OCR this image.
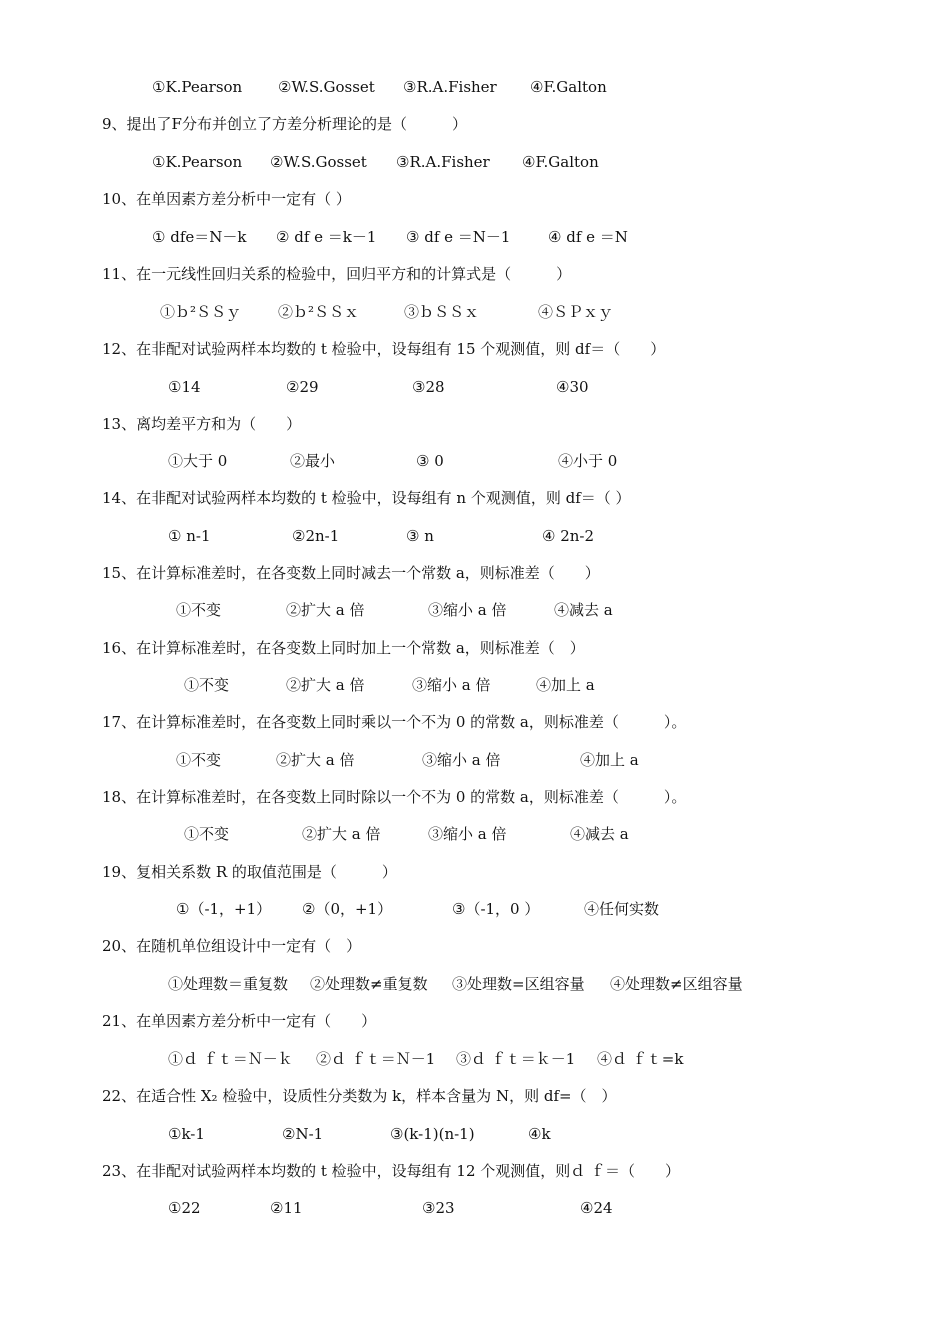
①K.Pearson ②W.S.Gosset ③R.A.Fisher ④F.Galton
9、提出了F分布并创立了方差分析理论的是（　　　）
①K.Pearson ②W.S.Gosset ③R.A.Fisher ④F.Galton
10、在单因素方差分析中一定有（ ）
① dfe＝N－k ② df e ＝k－1 ③ df e ＝N－1	④ df e ＝N
11、在一元线性回归关系的检验中，回归平方和的计算式是（　　　）
①ｂ²ＳＳｙ ②ｂ²ＳＳｘ	③ｂＳＳｘ	④ＳＰｘｙ
12、在非配对试验两样本均数的 t 检验中，设每组有 15 个观测值，则 df＝（　　）
①14	②29	③28	④30
13、离均差平方和为（　　）
①大于 0	②最小	③ 0	④小于 0
14、在非配对试验两样本均数的 t 检验中，设每组有 n 个观测值，则 df＝（ ）
① n-1	②2n-1	③ n	④ 2n-2
15、在计算标准差时，在各变数上同时减去一个常数 a，则标准差（　　）
①不变	②扩大 a 倍	③缩小 a 倍	④减去 a
16、在计算标准差时，在各变数上同时加上一个常数 a，则标准差（　）
①不变	②扩大 a 倍	③缩小 a 倍	④加上 a
17、在计算标准差时，在各变数上同时乘以一个不为 0 的常数 a，则标准差（　　　）。
①不变	②扩大 a 倍	③缩小 a 倍	④加上 a
18、在计算标准差时，在各变数上同时除以一个不为 0 的常数 a，则标准差（　　　）。
①不变	②扩大 a 倍	③缩小 a 倍	④减去 a
19、复相关系数 R 的取值范围是（　　　）
①（-1，+1） ②（0，+1）	③（-1，0 ）	④任何实数
20、在随机单位组设计中一定有（　）
①处理数＝重复数 ②处理数≠重复数 ③处理数=区组容量 ④处理数≠区组容量
21、在单因素方差分析中一定有（　　）
①ｄ ｆｔ＝Ｎ－ｋ ②ｄ ｆｔ＝Ｎ－1 ③ｄ ｆｔ＝ｋ－1 ④ｄ ｆｔ=k
22、在适合性 X₂ 检验中，设质性分类数为 k，样本含量为 N，则 df=（　）
①k-1	②N-1	③(k-1)(n-1)	④k
23、在非配对试验两样本均数的 t 检验中，设每组有 12 个观测值，则ｄ ｆ＝（　　）
①22	②11	③23	④24
